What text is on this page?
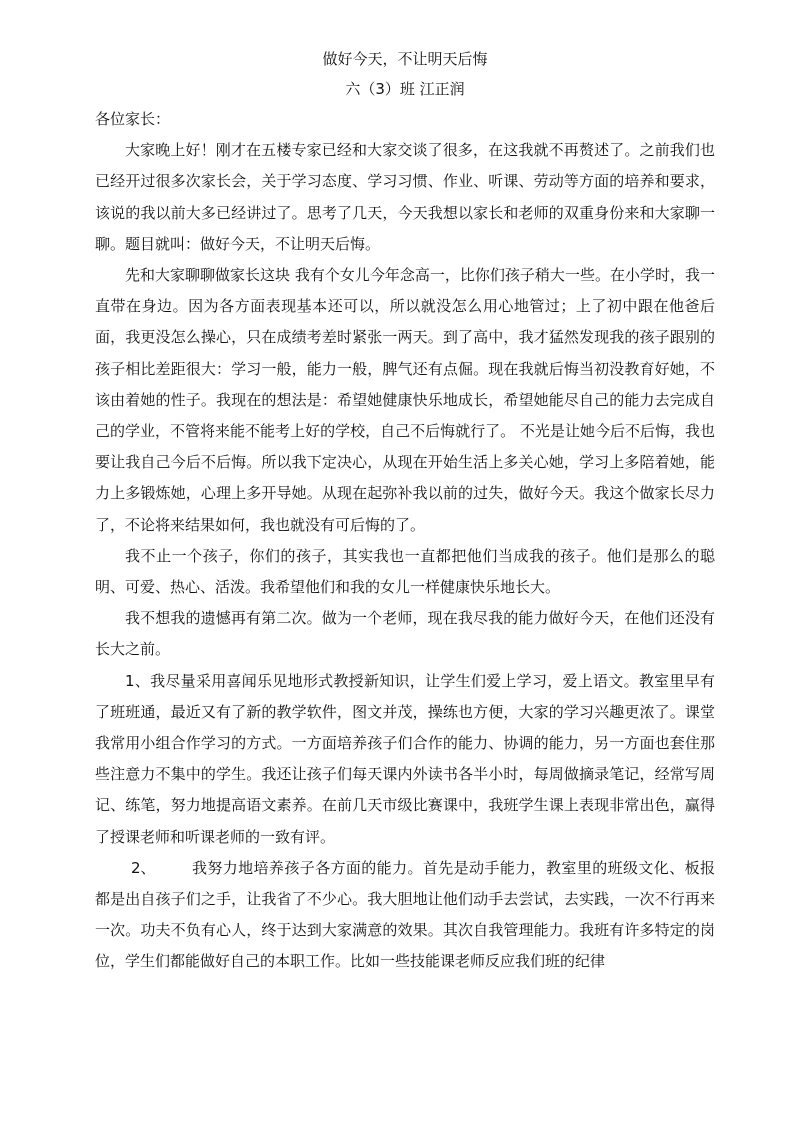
做好今天，不让明天后悔
六（3）班 江正润

各位家长：

大家晚上好！刚才在五楼专家已经和大家交谈了很多，在这我就不再赘述了。之前我们也已经开过很多次家长会，关于学习态度、学习习惯、作业、听课、劳动等方面的培养和要求，该说的我以前大多已经讲过了。思考了几天，今天我想以家长和老师的双重身份来和大家聊一聊。题目就叫：做好今天，不让明天后悔。

先和大家聊聊做家长这块 我有个女儿今年念高一，比你们孩子稍大一些。在小学时，我一直带在身边。因为各方面表现基本还可以，所以就没怎么用心地管过；上了初中跟在他爸后面，我更没怎么操心，只在成绩考差时紧张一两天。到了高中，我才猛然发现我的孩子跟别的孩子相比差距很大：学习一般，能力一般，脾气还有点倔。现在我就后悔当初没教育好她，不该由着她的性子。我现在的想法是：希望她健康快乐地成长，希望她能尽自己的能力去完成自己的学业，不管将来能不能考上好的学校，自己不后悔就行了。 不光是让她今后不后悔，我也要让我自己今后不后悔。所以我下定决心，从现在开始生活上多关心她，学习上多陪着她，能力上多锻炼她，心理上多开导她。从现在起弥补我以前的过失，做好今天。我这个做家长尽力了，不论将来结果如何，我也就没有可后悔的了。

我不止一个孩子，你们的孩子，其实我也一直都把他们当成我的孩子。他们是那么的聪明、可爱、热心、活泼。我希望他们和我的女儿一样健康快乐地长大。

我不想我的遗憾再有第二次。做为一个老师，现在我尽我的能力做好今天，在他们还没有长大之前。

1、我尽量采用喜闻乐见地形式教授新知识，让学生们爱上学习，爱上语文。教室里早有了班班通，最近又有了新的教学软件，图文并茂，操练也方便，大家的学习兴趣更浓了。课堂我常用小组合作学习的方式。一方面培养孩子们合作的能力、协调的能力，另一方面也套住那些注意力不集中的学生。我还让孩子们每天课内外读书各半小时，每周做摘录笔记，经常写周记、练笔，努力地提高语文素养。在前几天市级比赛课中，我班学生课上表现非常出色，赢得了授课老师和听课老师的一致有评。

2、 我努力地培养孩子各方面的能力。首先是动手能力，教室里的班级文化、板报都是出自孩子们之手，让我省了不少心。我大胆地让他们动手去尝试，去实践，一次不行再来一次。功夫不负有心人，终于达到大家满意的效果。其次自我管理能力。我班有许多特定的岗位，学生们都能做好自己的本职工作。比如一些技能课老师反应我们班的纪律
